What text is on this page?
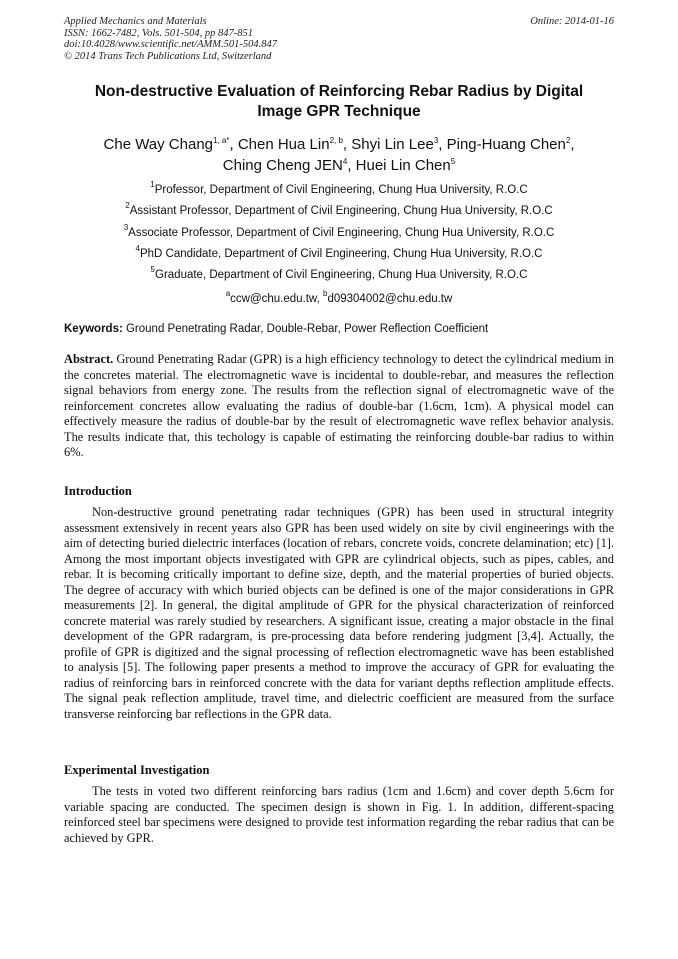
Applied Mechanics and Materials
ISSN: 1662-7482, Vols. 501-504, pp 847-851
doi:10.4028/www.scientific.net/AMM.501-504.847
© 2014 Trans Tech Publications Ltd, Switzerland
Online: 2014-01-16
Non-destructive Evaluation of Reinforcing Rebar Radius by Digital
Image GPR Technique
Che Way Chang$^{1, a*}$, Chen Hua Lin$^{2, b}$, Shyi Lin Lee$^3$, Ping-Huang Chen$^2$,
Ching Cheng JEN$^4$, Huei Lin Chen$^5$
$^1$Professor, Department of Civil Engineering, Chung Hua University, R.O.C
$^2$Assistant Professor, Department of Civil Engineering, Chung Hua University, R.O.C
$^3$Associate Professor, Department of Civil Engineering, Chung Hua University, R.O.C
$^4$PhD Candidate, Department of Civil Engineering, Chung Hua University, R.O.C
$^5$Graduate, Department of Civil Engineering, Chung Hua University, R.O.C
$^a$ccw@chu.edu.tw, $^b$d09304002@chu.edu.tw
Keywords: Ground Penetrating Radar, Double-Rebar, Power Reflection Coefficient
Abstract. Ground Penetrating Radar (GPR) is a high efficiency technology to detect the cylindrical medium in the concretes material. The electromagnetic wave is incidental to double-rebar, and measures the reflection signal behaviors from energy zone. The results from the reflection signal of electromagnetic wave of the reinforcement concretes allow evaluating the radius of double-bar (1.6cm, 1cm). A physical model can effectively measure the radius of double-bar by the result of electromagnetic wave reflex behavior analysis. The results indicate that, this techology is capable of estimating the reinforcing double-bar radius to within 6%.
Introduction
Non-destructive ground penetrating radar techniques (GPR) has been used in structural integrity assessment extensively in recent years also GPR has been used widely on site by civil engineerings with the aim of detecting buried dielectric interfaces (location of rebars, concrete voids, concrete delamination; etc) [1]. Among the most important objects investigated with GPR are cylindrical objects, such as pipes, cables, and rebar. It is becoming critically important to define size, depth, and the material properties of buried objects. The degree of accuracy with which buried objects can be defined is one of the major considerations in GPR measurements [2]. In general, the digital amplitude of GPR for the physical characterization of reinforced concrete material was rarely studied by researchers. A significant issue, creating a major obstacle in the final development of the GPR radargram, is pre-processing data before rendering judgment [3,4]. Actually, the profile of GPR is digitized and the signal processing of reflection electromagnetic wave has been established to analysis [5]. The following paper presents a method to improve the accuracy of GPR for evaluating the radius of reinforcing bars in reinforced concrete with the data for variant depths reflection amplitude effects. The signal peak reflection amplitude, travel time, and dielectric coefficient are measured from the surface transverse reinforcing bar reflections in the GPR data.
Experimental Investigation
The tests in voted two different reinforcing bars radius (1cm and 1.6cm) and cover depth 5.6cm for variable spacing are conducted. The specimen design is shown in Fig. 1. In addition, different-spacing reinforced steel bar specimens were designed to provide test information regarding the rebar radius that can be achieved by GPR.
